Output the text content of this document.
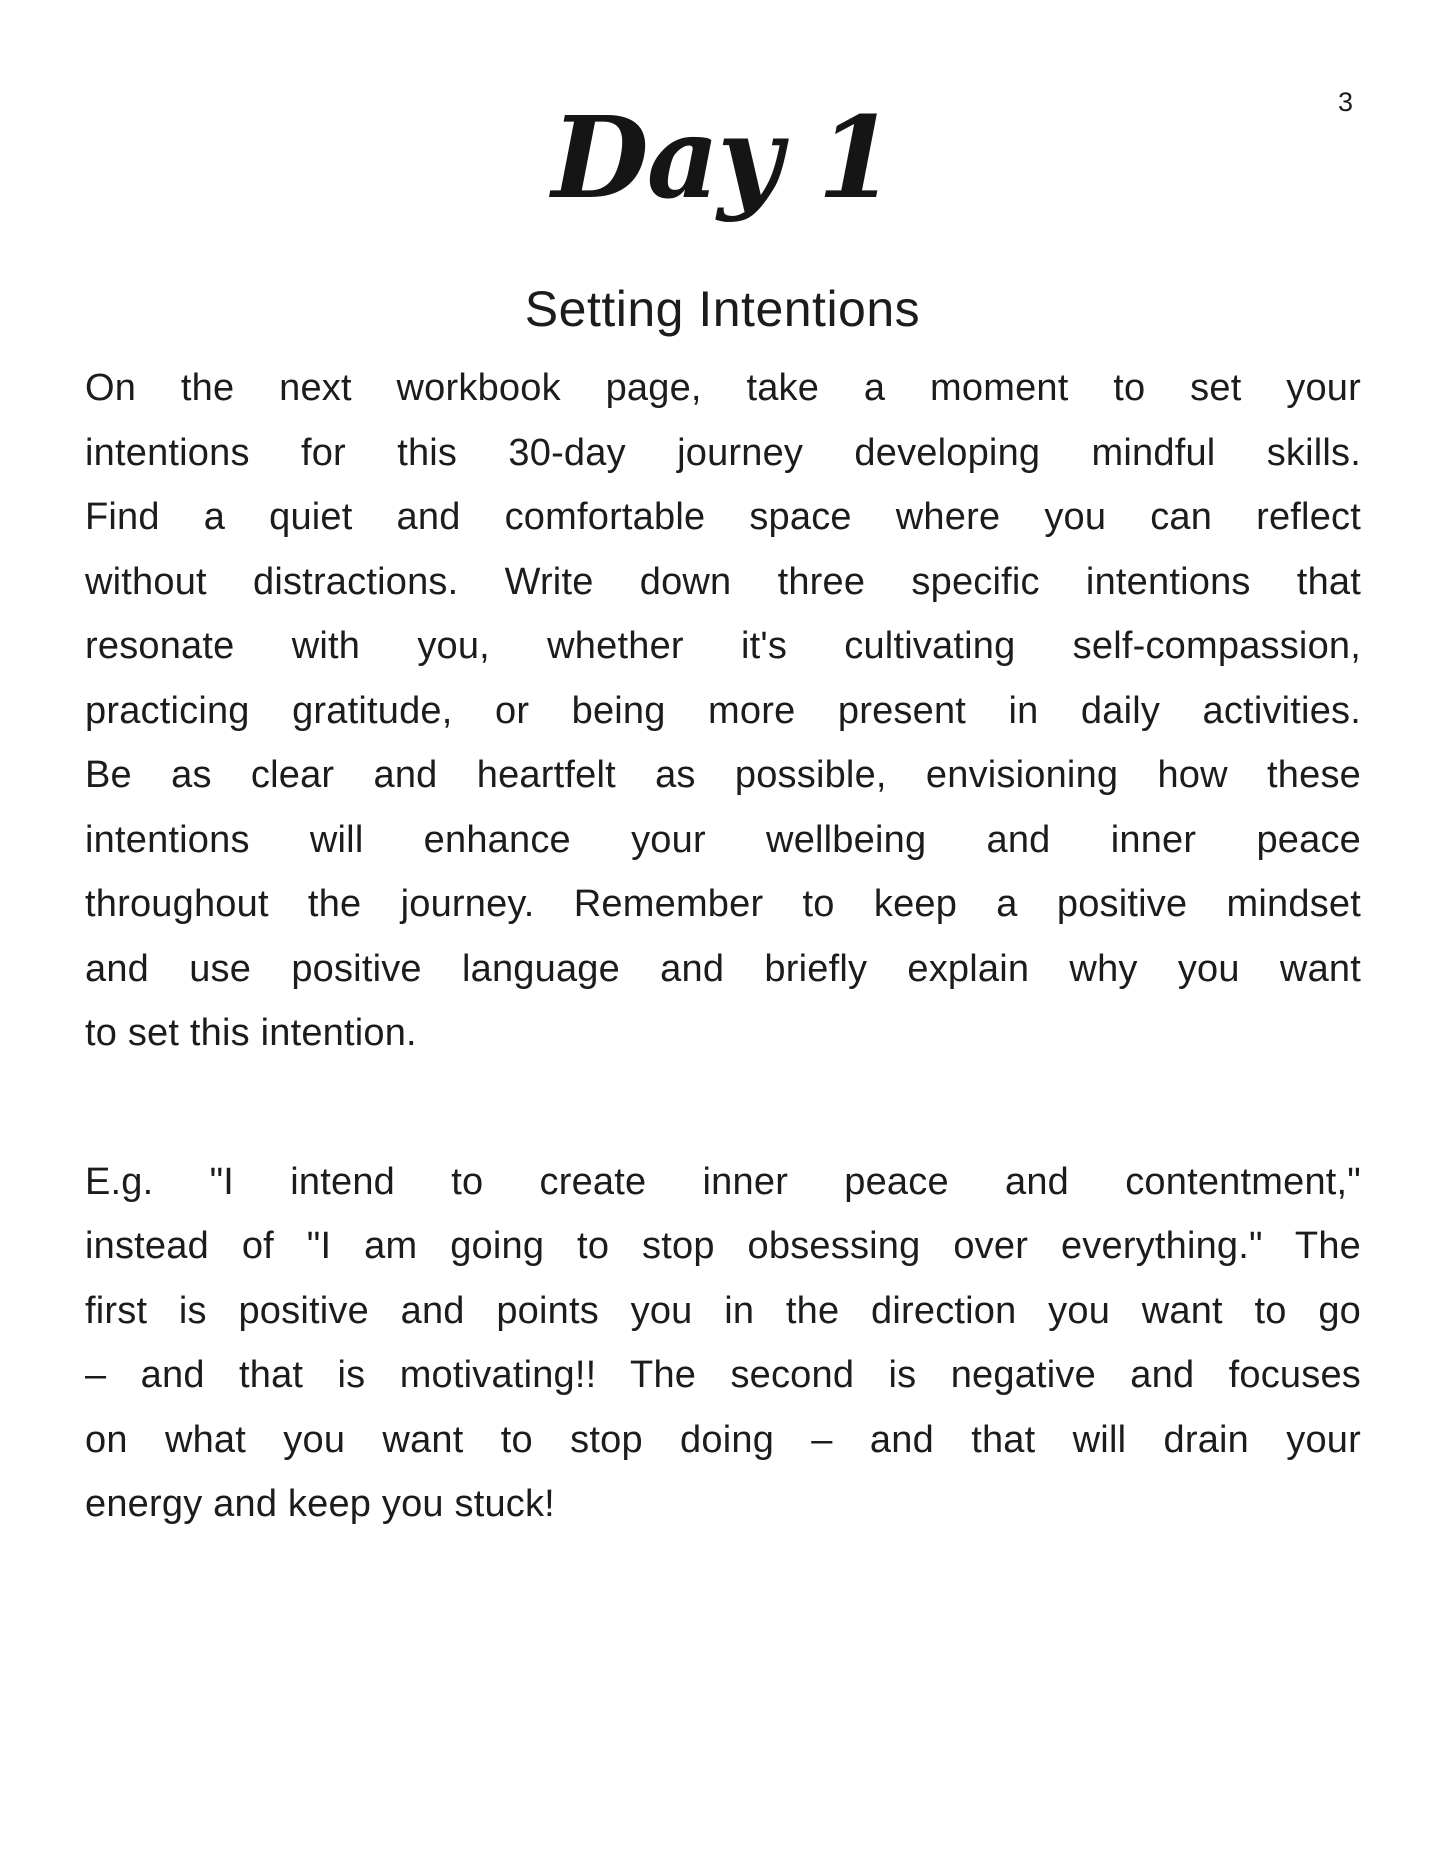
3
Day 1
Setting Intentions

On the next workbook page, take a moment to set your
intentions for this 30-day journey developing mindful skills.
Find a quiet and comfortable space where you can reflect
without distractions. Write down three specific intentions that
resonate with you, whether it's cultivating self-compassion,
practicing gratitude, or being more present in daily activities.
Be as clear and heartfelt as possible, envisioning how these
intentions will enhance your wellbeing and inner peace
throughout the journey. Remember to keep a positive mindset
and use positive language and briefly explain why you want
to set this intention.

E.g. "I intend to create inner peace and contentment,"
instead of "I am going to stop obsessing over everything." The
first is positive and points you in the direction you want to go
– and that is motivating!! The second is negative and focuses
on what you want to stop doing – and that will drain your
energy and keep you stuck!
